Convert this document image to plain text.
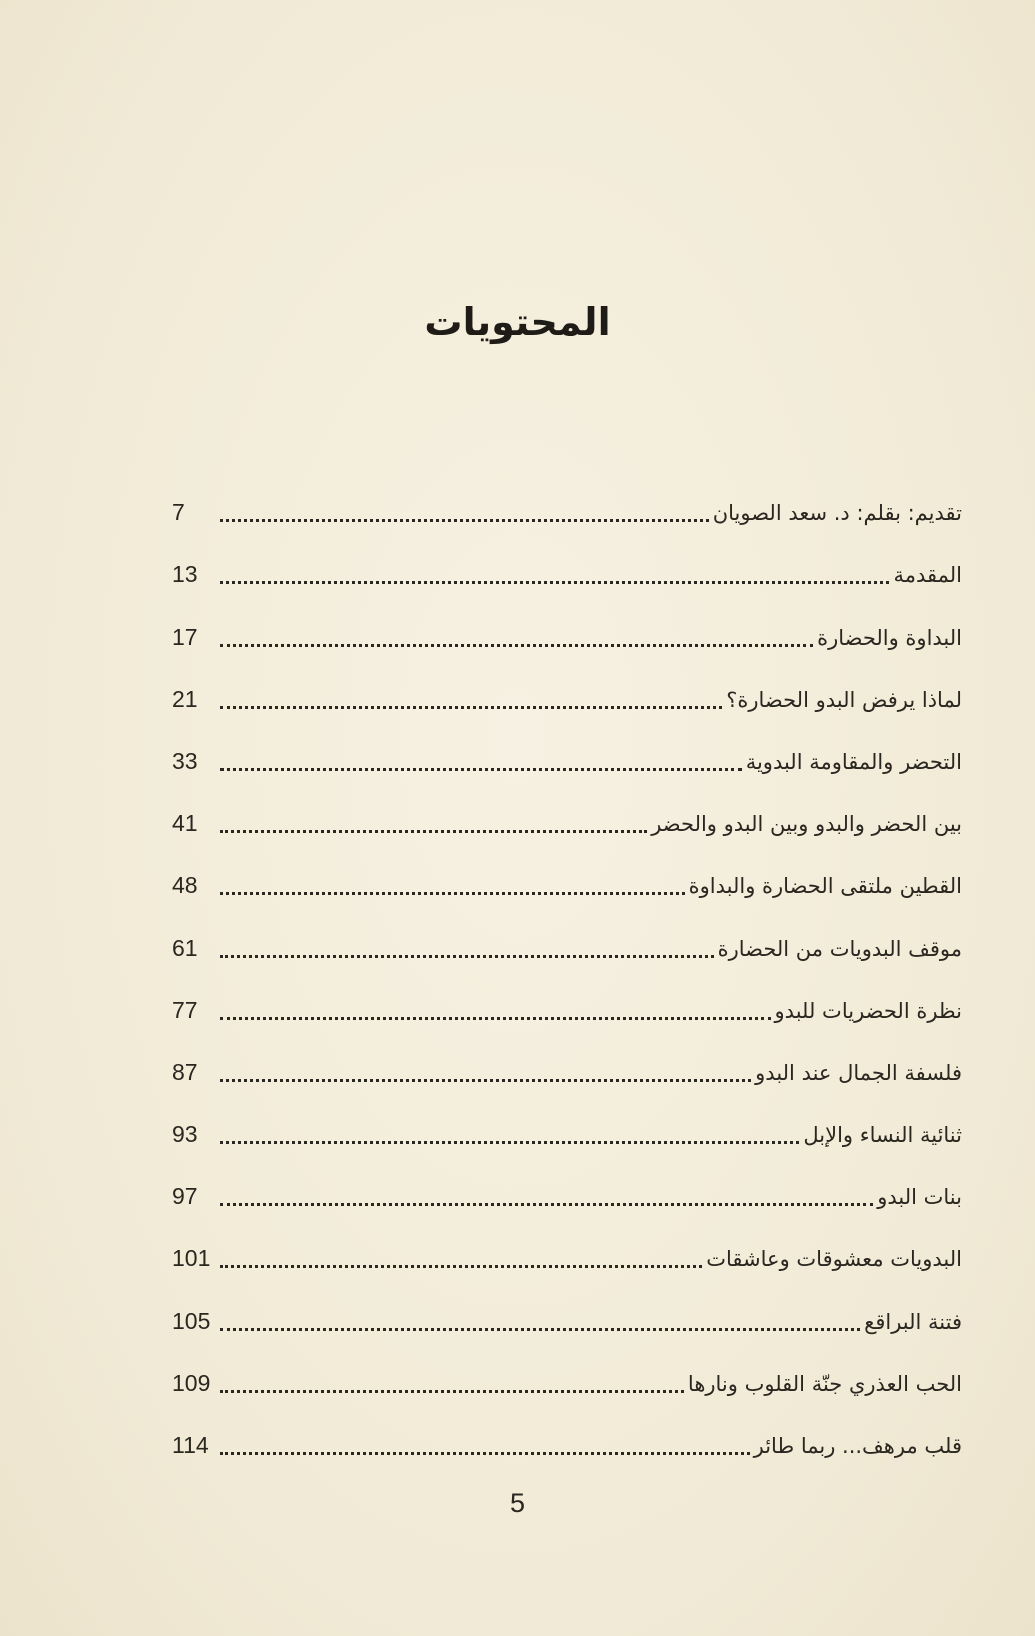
المحتويات
تقديم: بقلم: د. سعد الصويان
7
المقدمة
13
البداوة والحضارة
17
لماذا يرفض البدو الحضارة؟
21
التحضر والمقاومة البدوية
33
بين الحضر والبدو وبين البدو والحضر
41
القطين ملتقى الحضارة والبداوة
48
موقف البدويات من الحضارة
61
نظرة الحضريات للبدو
77
فلسفة الجمال عند البدو
87
ثنائية النساء والإبل
93
بنات البدو
97
البدويات معشوقات وعاشقات
101
فتنة البراقع
105
الحب العذري جنّة القلوب ونارها
109
قلب مرهف... ربما طائر
114
5
